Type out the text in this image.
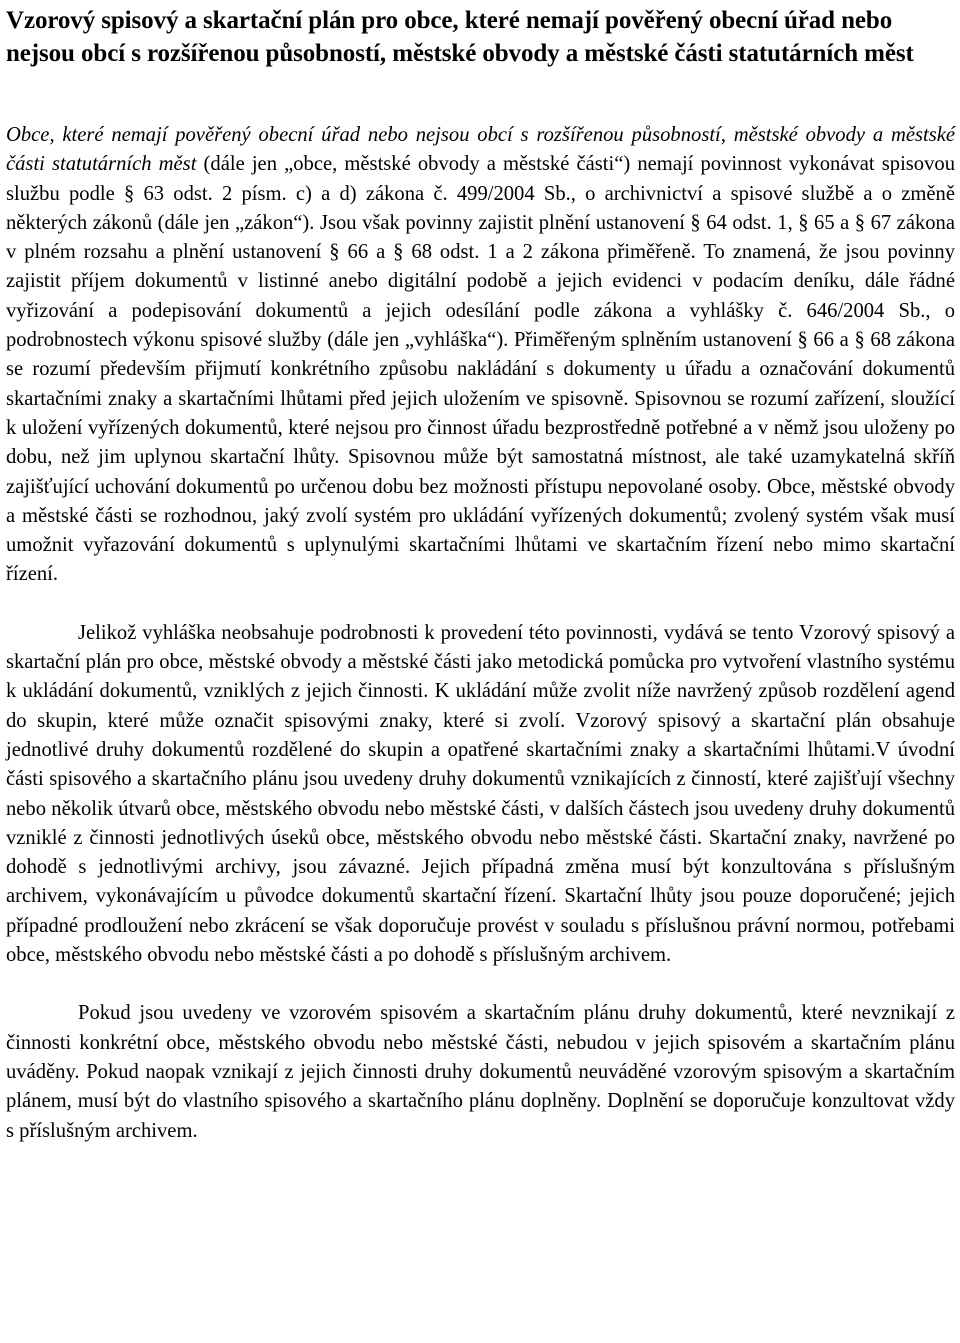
Vzorový spisový a skartační plán pro obce, které nemají pověřený obecní úřad nebo nejsou obcí s rozšířenou působností, městské obvody a městské části statutárních měst

Obce, které nemají pověřený obecní úřad nebo nejsou obcí s rozšířenou působností, městské obvody a městské části statutárních měst (dále jen „obce, městské obvody a městské části“) nemají povinnost vykonávat spisovou službu podle § 63 odst. 2 písm. c) a d) zákona č. 499/2004 Sb., o archivnictví a spisové službě a o změně některých zákonů (dále jen „zákon“). Jsou však povinny zajistit plnění ustanovení § 64 odst. 1, § 65 a § 67 zákona v plném rozsahu a plnění ustanovení § 66 a § 68 odst. 1 a 2 zákona přiměřeně. To znamená, že jsou povinny zajistit příjem dokumentů v listinné anebo digitální podobě a jejich evidenci v podacím deníku, dále řádné vyřizování a podepisování dokumentů a jejich odesílání podle zákona a vyhlášky č. 646/2004 Sb., o podrobnostech výkonu spisové služby (dále jen „vyhláška“). Přiměřeným splněním ustanovení § 66 a § 68 zákona se rozumí především přijmutí konkrétního způsobu nakládání s dokumenty u úřadu a označování dokumentů skartačními znaky a skartačními lhůtami před jejich uložením ve spisovně. Spisovnou se rozumí zařízení, sloužící k uložení vyřízených dokumentů, které nejsou pro činnost úřadu bezprostředně potřebné a v němž jsou uloženy po dobu, než jim uplynou skartační lhůty. Spisovnou může být samostatná místnost, ale také uzamykatelná skříň zajišťující uchování dokumentů po určenou dobu bez možnosti přístupu nepovolané osoby. Obce, městské obvody a městské části se rozhodnou, jaký zvolí systém pro ukládání vyřízených dokumentů; zvolený systém však musí umožnit vyřazování dokumentů s uplynulými skartačními lhůtami ve skartačním řízení nebo mimo skartační řízení.

Jelikož vyhláška neobsahuje podrobnosti k provedení této povinnosti, vydává se tento Vzorový spisový a skartační plán pro obce, městské obvody a městské části jako metodická pomůcka pro vytvoření vlastního systému k ukládání dokumentů, vzniklých z jejich činnosti. K ukládání může zvolit níže navržený způsob rozdělení agend do skupin, které může označit spisovými znaky, které si zvolí. Vzorový spisový a skartační plán obsahuje jednotlivé druhy dokumentů rozdělené do skupin a opatřené skartačními znaky a skartačními lhůtami.V úvodní části spisového a skartačního plánu jsou uvedeny druhy dokumentů vznikajících z činností, které zajišťují všechny nebo několik útvarů obce, městského obvodu nebo městské části, v dalších částech jsou uvedeny druhy dokumentů vzniklé z činnosti jednotlivých úseků obce, městského obvodu nebo městské části. Skartační znaky, navržené po dohodě s jednotlivými archivy, jsou závazné. Jejich případná změna musí být konzultována s příslušným archivem, vykonávajícím u původce dokumentů skartační řízení. Skartační lhůty jsou pouze doporučené; jejich případné prodloužení nebo zkrácení se však doporučuje provést v souladu s příslušnou právní normou, potřebami obce, městského obvodu nebo městské části a po dohodě s příslušným archivem.

Pokud jsou uvedeny ve vzorovém spisovém a skartačním plánu druhy dokumentů, které nevznikají z činnosti konkrétní obce, městského obvodu nebo městské části, nebudou v jejich spisovém a skartačním plánu uváděny. Pokud naopak vznikají z jejich činnosti druhy dokumentů neuváděné vzorovým spisovým a skartačním plánem, musí být do vlastního spisového a skartačního plánu doplněny. Doplnění se doporučuje konzultovat vždy s příslušným archivem.
